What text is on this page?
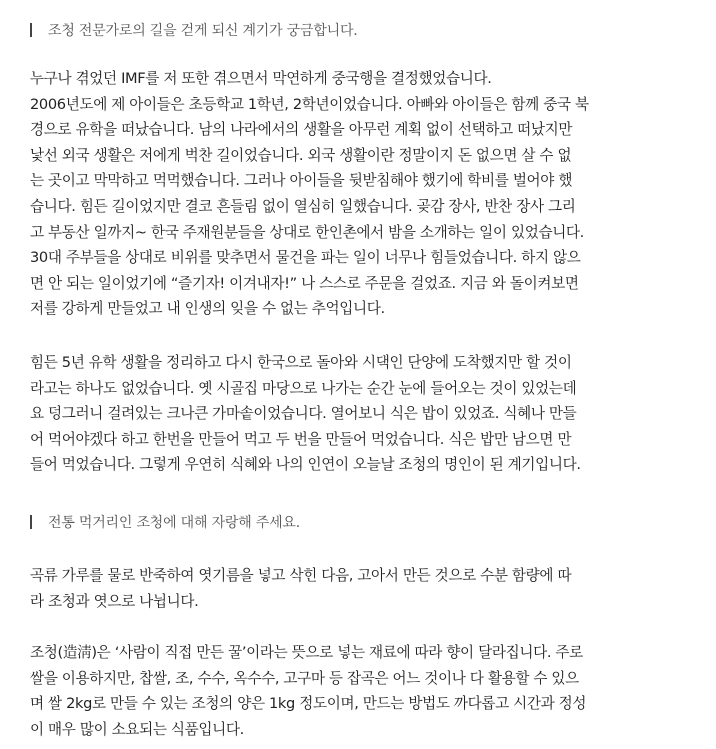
조청 전문가로의 길을 걷게 되신 계기가 궁금합니다.
누구나 겪었던 IMF를 저 또한 겪으면서 막연하게 중국행을 결정했었습니다.
2006년도에 제 아이들은 초등학교 1학년, 2학년이었습니다. 아빠와 아이들은 함께 중국 북
경으로 유학을 떠났습니다. 남의 나라에서의 생활을 아무런 계획 없이 선택하고 떠났지만
낯선 외국 생활은 저에게 벅찬 길이었습니다. 외국 생활이란 정말이지 돈 없으면 살 수 없
는 곳이고 막막하고 먹먹했습니다. 그러나 아이들을 뒷받침해야 했기에 학비를 벌어야 했
습니다. 힘든 길이었지만 결코 흔들림 없이 열심히 일했습니다. 곶감 장사, 반찬 장사 그리
고 부동산 일까지~ 한국 주재원분들을 상대로 한인촌에서 밤을 소개하는 일이 있었습니다.
30대 주부들을 상대로 비위를 맞추면서 물건을 파는 일이 너무나 힘들었습니다. 하지 않으
면 안 되는 일이었기에 “즐기자! 이겨내자!” 나 스스로 주문을 걸었죠. 지금 와 돌이켜보면
저를 강하게 만들었고 내 인생의 잊을 수 없는 추억입니다.
힘든 5년 유학 생활을 정리하고 다시 한국으로 돌아와 시댁인 단양에 도착했지만 할 것이
라고는 하나도 없었습니다. 옛 시골집 마당으로 나가는 순간 눈에 들어오는 것이 있었는데
요 덩그러니 걸려있는 크나큰 가마솥이었습니다. 열어보니 식은 밥이 있었죠. 식혜나 만들
어 먹어야겠다 하고 한번을 만들어 먹고 두 번을 만들어 먹었습니다. 식은 밥만 남으면 만
들어 먹었습니다. 그렇게 우연히 식혜와 나의 인연이 오늘날 조청의 명인이 된 계기입니다.
전통 먹거리인 조청에 대해 자랑해 주세요.
곡류 가루를 물로 반죽하여 엿기름을 넣고 삭힌 다음, 고아서 만든 것으로 수분 함량에 따
라 조청과 엿으로 나뉩니다.
조청(造淸)은 ‘사람이 직접 만든 꿀’이라는 뜻으로 넣는 재료에 따라 향이 달라집니다. 주로
쌀을 이용하지만, 찹쌀, 조, 수수, 옥수수, 고구마 등 잡곡은 어느 것이나 다 활용할 수 있으
며 쌀 2kg로 만들 수 있는 조청의 양은 1kg 정도이며, 만드는 방법도 까다롭고 시간과 정성
이 매우 많이 소요되는 식품입니다.
